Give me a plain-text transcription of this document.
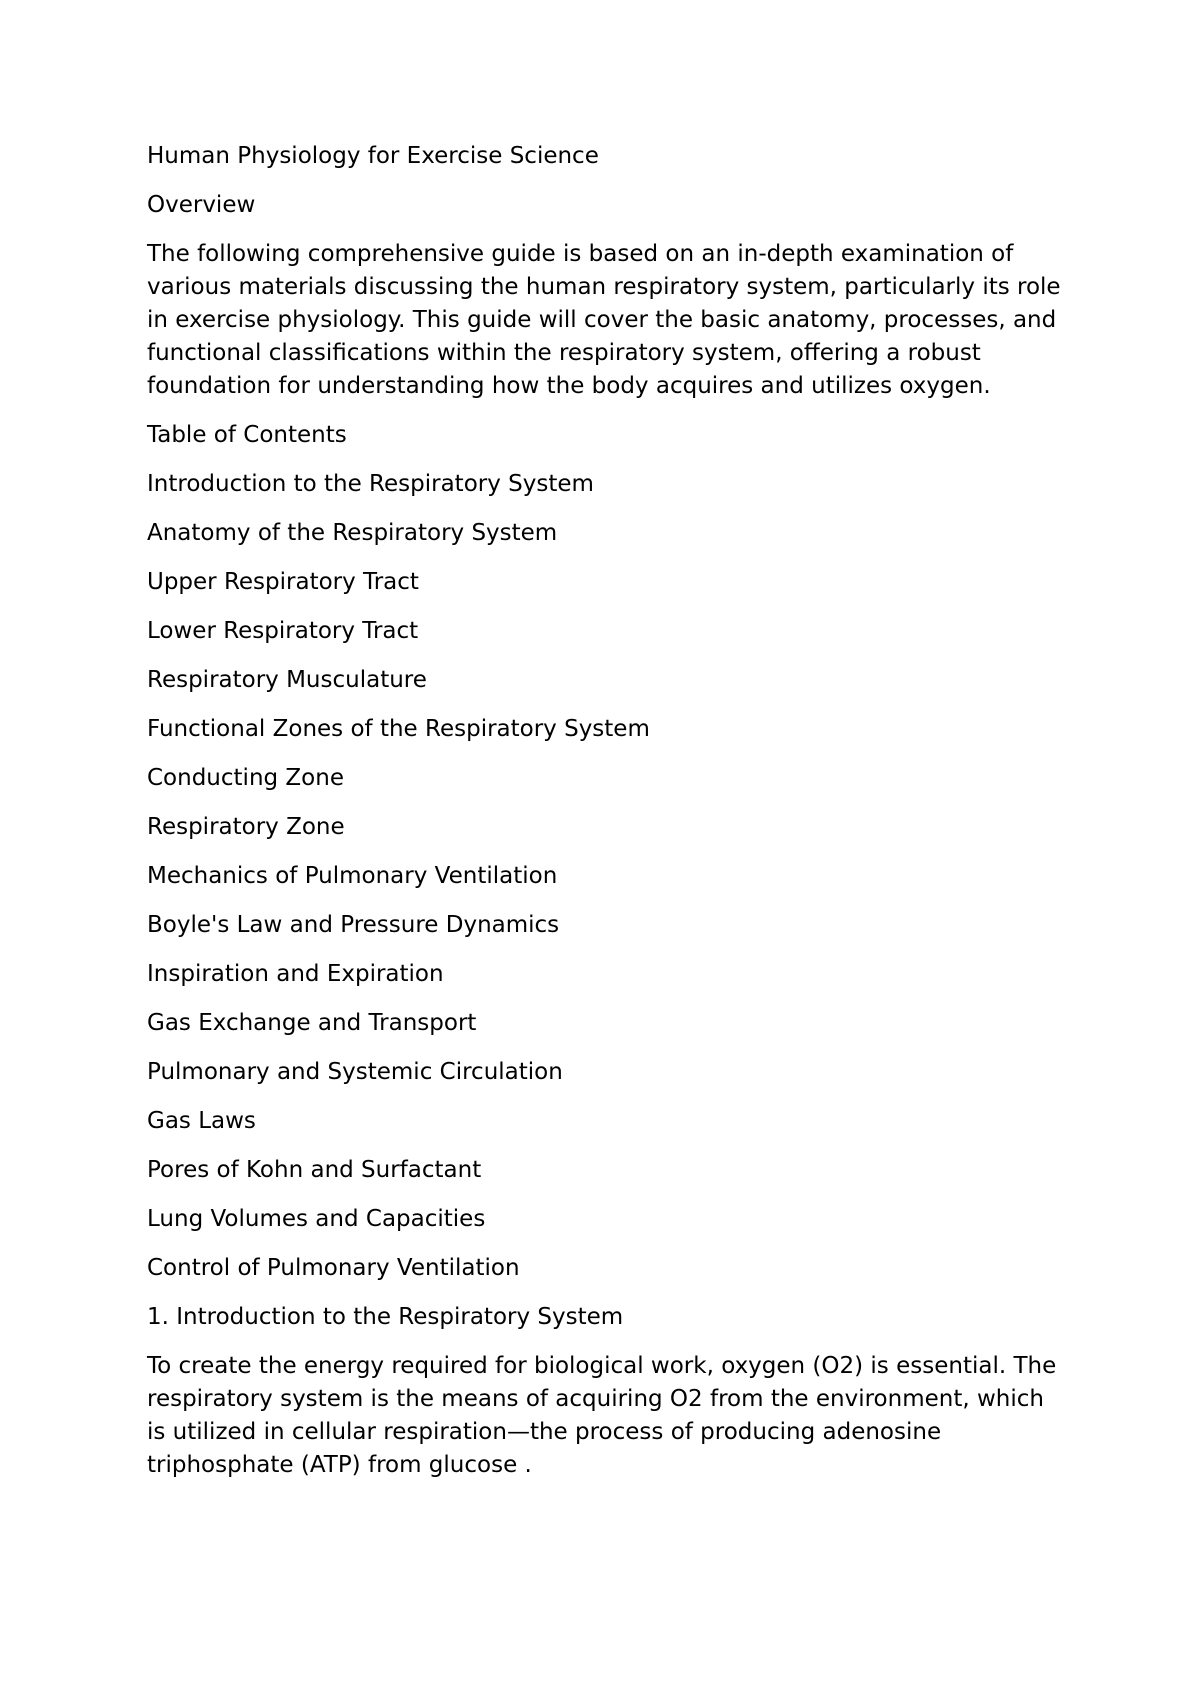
Human Physiology for Exercise Science

Overview

The following comprehensive guide is based on an in-depth examination of various materials discussing the human respiratory system, particularly its role in exercise physiology. This guide will cover the basic anatomy, processes, and functional classifications within the respiratory system, offering a robust foundation for understanding how the body acquires and utilizes oxygen.

Table of Contents

Introduction to the Respiratory System
Anatomy of the Respiratory System
Upper Respiratory Tract
Lower Respiratory Tract
Respiratory Musculature
Functional Zones of the Respiratory System
Conducting Zone
Respiratory Zone
Mechanics of Pulmonary Ventilation
Boyle's Law and Pressure Dynamics
Inspiration and Expiration
Gas Exchange and Transport
Pulmonary and Systemic Circulation
Gas Laws
Pores of Kohn and Surfactant
Lung Volumes and Capacities
Control of Pulmonary Ventilation

1. Introduction to the Respiratory System

To create the energy required for biological work, oxygen (O2) is essential. The respiratory system is the means of acquiring O2 from the environment, which is utilized in cellular respiration—the process of producing adenosine triphosphate (ATP) from glucose .
